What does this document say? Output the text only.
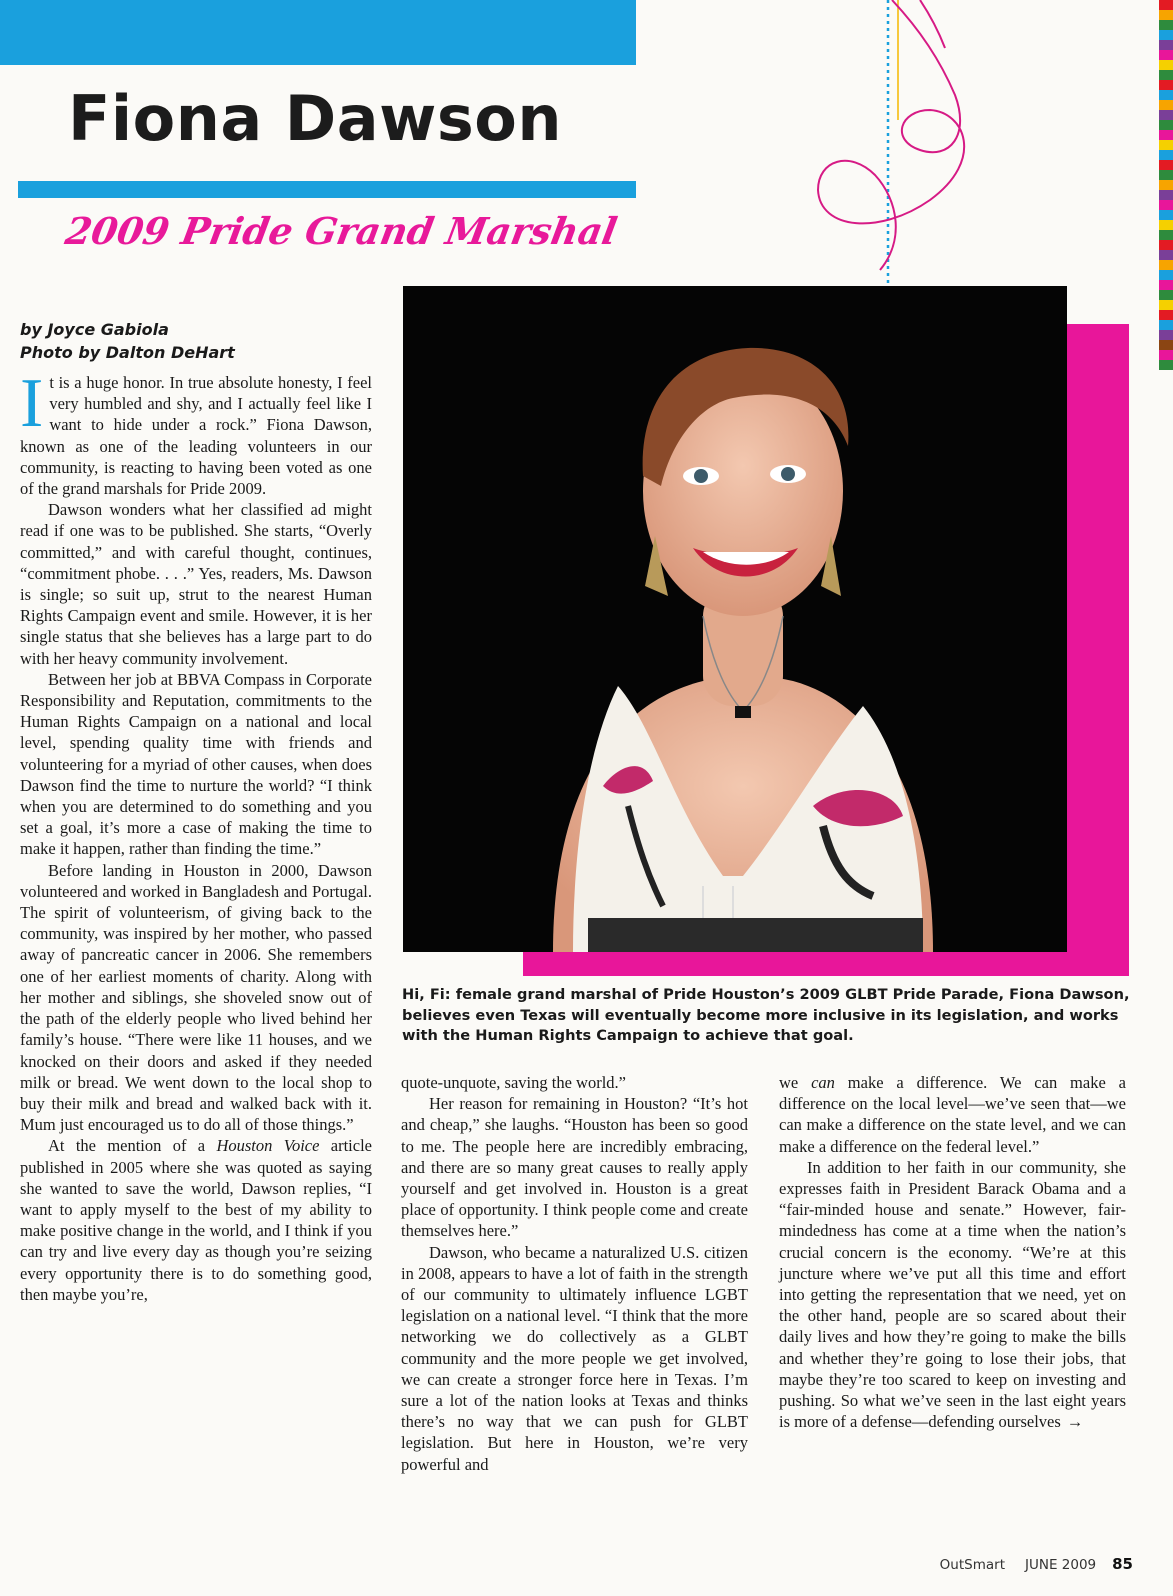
Fiona Dawson
2009 Pride Grand Marshal
by Joyce Gabiola
Photo by Dalton DeHart
Hi, Fi: female grand marshal of Pride Houston’s 2009 GLBT Pride Parade, Fiona Dawson, believes even Texas will eventually become more inclusive in its legislation, and works with the Human Rights Campaign to achieve that goal.

It is a huge honor. In true absolute honesty, I feel very humbled and shy, and I actually feel like I want to hide under a rock.” Fiona Dawson, known as one of the leading volunteers in our community, is reacting to having been voted as one of the grand marshals for Pride 2009.

Dawson wonders what her classified ad might read if one was to be published. She starts, “Overly committed,” and with careful thought, continues, “commitment phobe. . . .” Yes, readers, Ms. Dawson is single; so suit up, strut to the nearest Human Rights Campaign event and smile. However, it is her single status that she believes has a large part to do with her heavy community involvement.

Between her job at BBVA Compass in Corporate Responsibility and Reputation, commitments to the Human Rights Campaign on a national and local level, spending quality time with friends and volunteering for a myriad of other causes, when does Dawson find the time to nurture the world? “I think when you are determined to do something and you set a goal, it’s more a case of making the time to make it happen, rather than finding the time.”

Before landing in Houston in 2000, Dawson volunteered and worked in Bangladesh and Portugal. The spirit of volunteerism, of giving back to the community, was inspired by her mother, who passed away of pancreatic cancer in 2006. She remembers one of her earliest moments of charity. Along with her mother and siblings, she shoveled snow out of the path of the elderly people who lived behind her family’s house. “There were like 11 houses, and we knocked on their doors and asked if they needed milk or bread. We went down to the local shop to buy their milk and bread and walked back with it. Mum just encouraged us to do all of those things.”

At the mention of a Houston Voice article published in 2005 where she was quoted as saying she wanted to save the world, Dawson replies, “I want to apply myself to the best of my ability to make positive change in the world, and I think if you can try and live every day as though you’re seizing every opportunity there is to do something good, then maybe you’re,

quote-unquote, saving the world.”

Her reason for remaining in Houston? “It’s hot and cheap,” she laughs. “Houston has been so good to me. The people here are incredibly embracing, and there are so many great causes to really apply yourself and get involved in. Houston is a great place of opportunity. I think people come and create themselves here.”

Dawson, who became a naturalized U.S. citizen in 2008, appears to have a lot of faith in the strength of our community to ultimately influence LGBT legislation on a national level. “I think that the more networking we do collectively as a GLBT community and the more people we get involved, we can create a stronger force here in Texas. I’m sure a lot of the nation looks at Texas and thinks there’s no way that we can push for GLBT legislation. But here in Houston, we’re very powerful and

we can make a difference. We can make a difference on the local level—we’ve seen that—we can make a difference on the state level, and we can make a difference on the federal level.”

In addition to her faith in our community, she expresses faith in President Barack Obama and a “fair-minded house and senate.” However, fair-mindedness has come at a time when the nation’s crucial concern is the economy. “We’re at this juncture where we’ve put all this time and effort into getting the representation that we need, yet on the other hand, people are so scared about their daily lives and how they’re going to make the bills and whether they’re going to lose their jobs, that maybe they’re too scared to keep on investing and pushing. So what we’ve seen in the last eight years is more of a defense—defending ourselves →

OutSmart JUNE 2009 85
